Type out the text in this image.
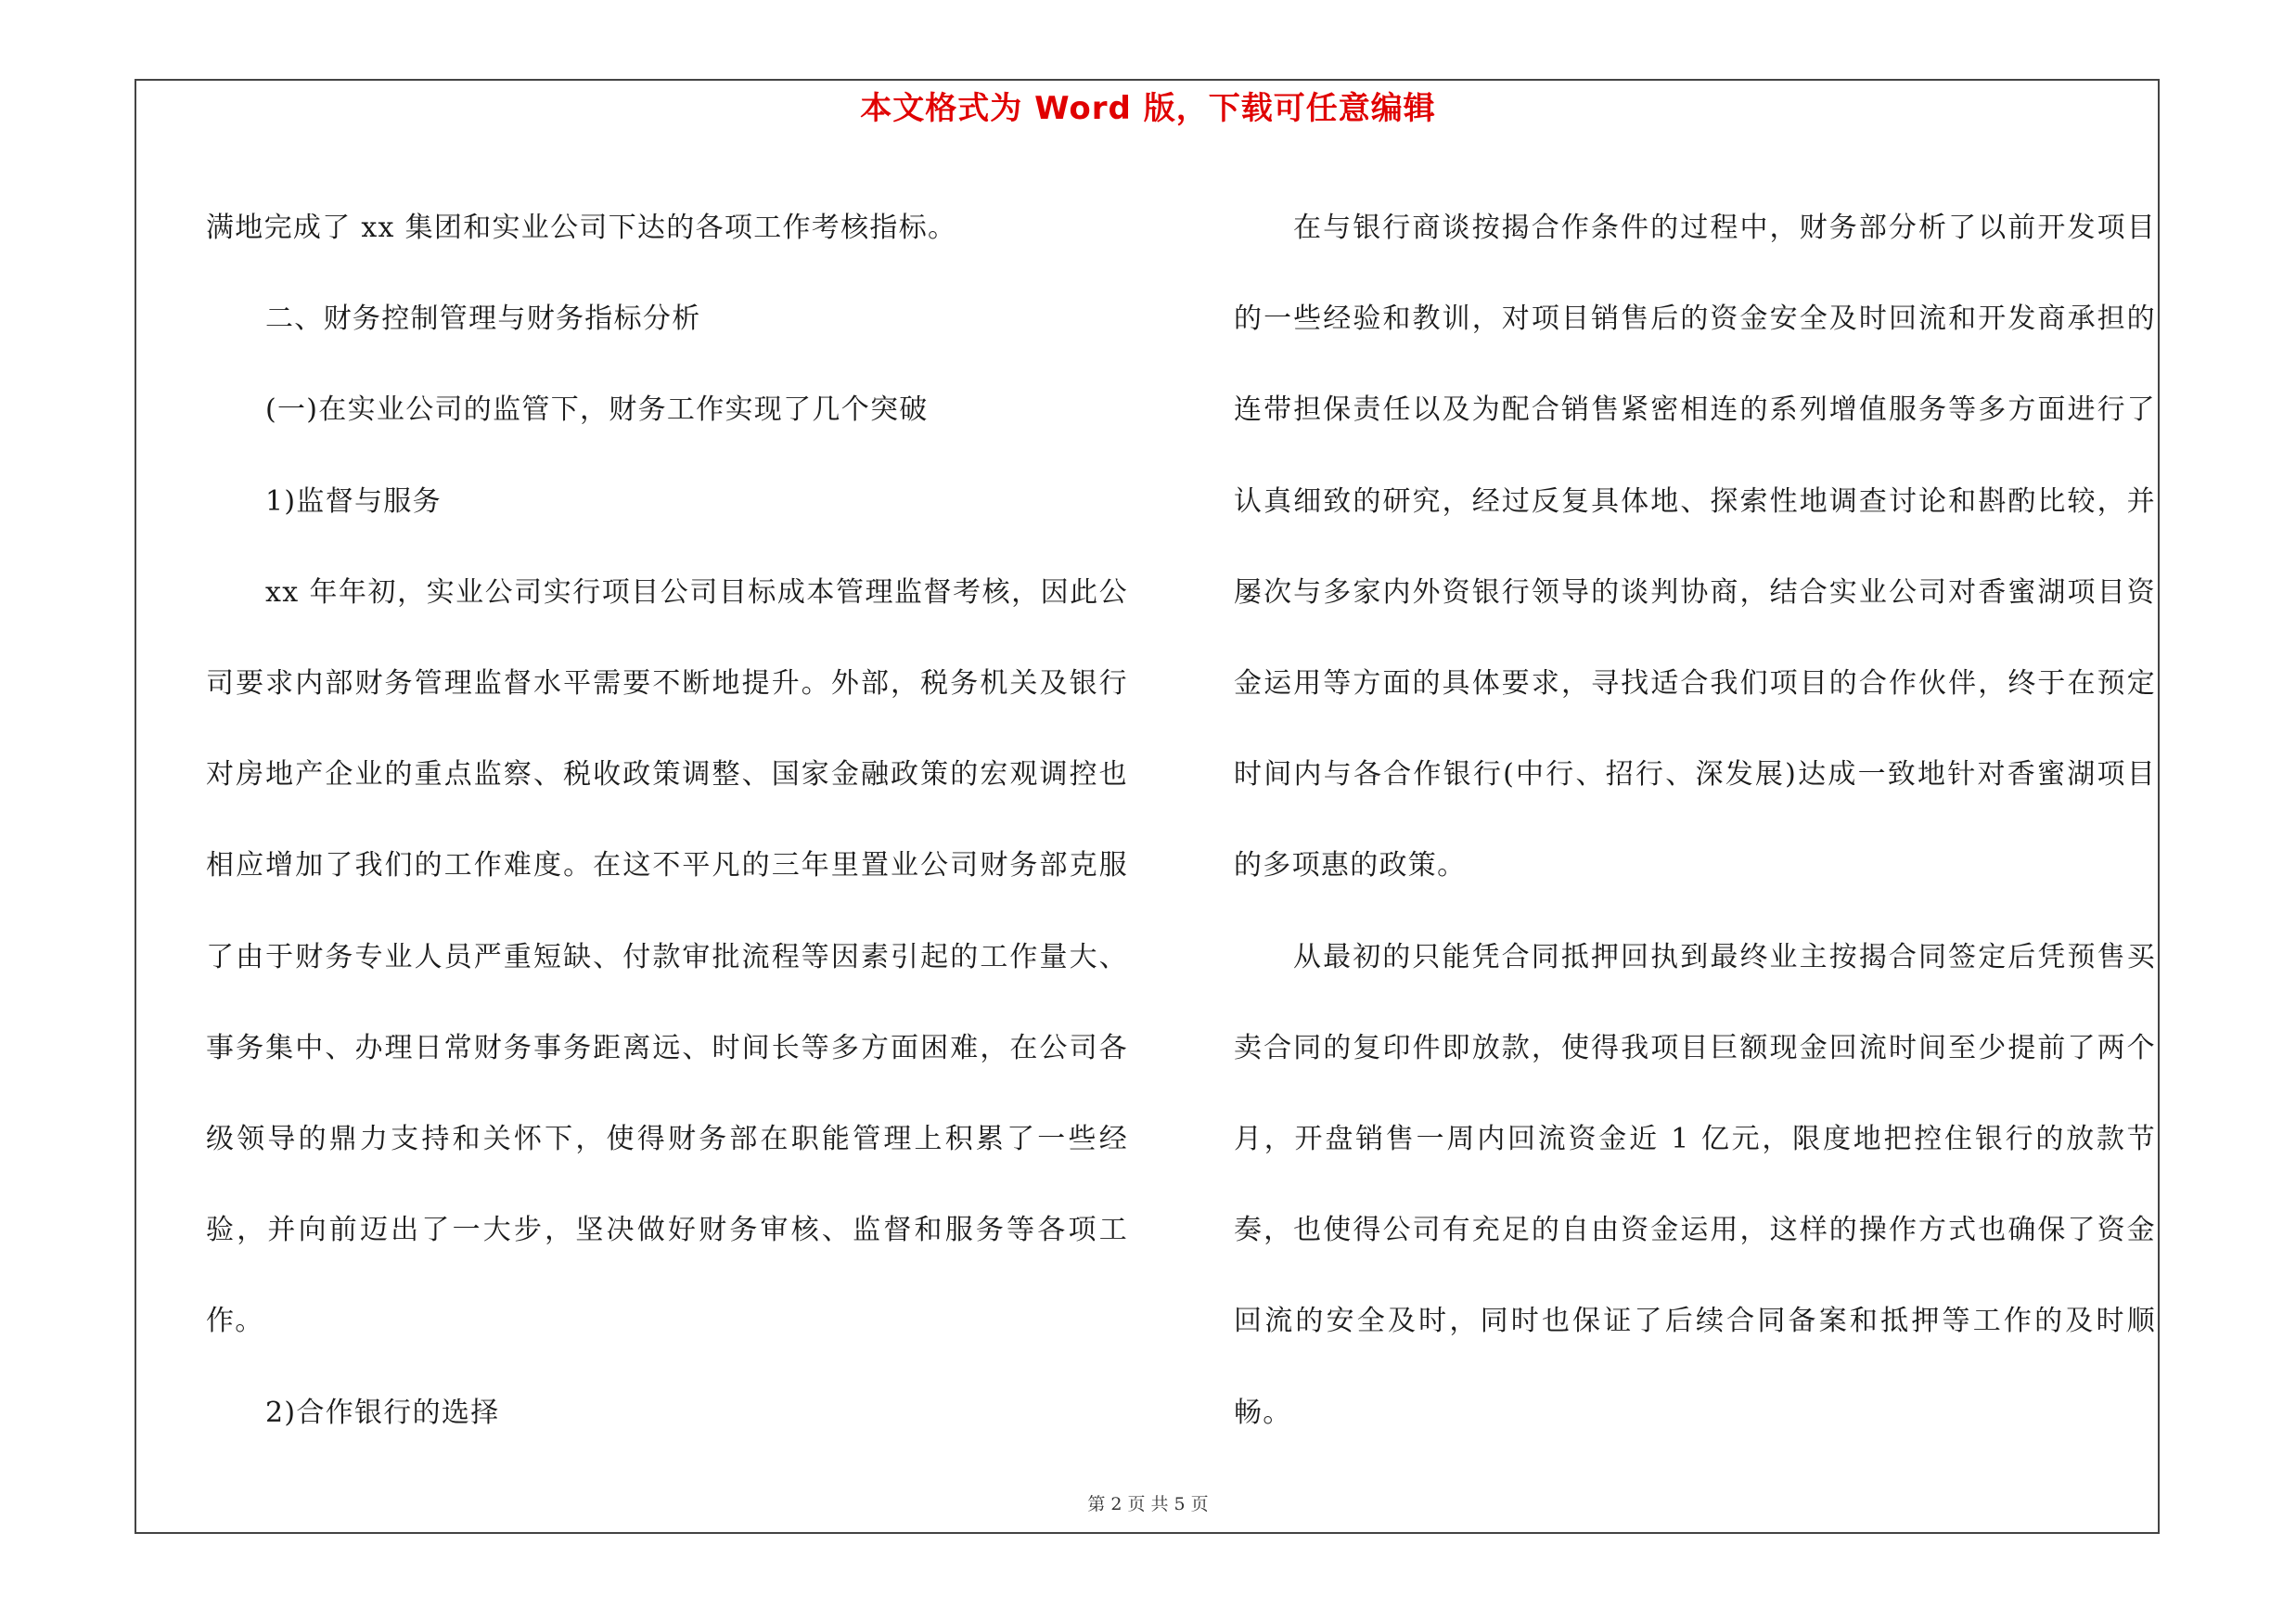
本文格式为 Word 版，下载可任意编辑

满地完成了 xx 集团和实业公司下达的各项工作考核指标。

二、财务控制管理与财务指标分析

(一)在实业公司的监管下，财务工作实现了几个突破

1)监督与服务

xx 年年初，实业公司实行项目公司目标成本管理监督考核，因此公司要求内部财务管理监督水平需要不断地提升。外部，税务机关及银行对房地产企业的重点监察、税收政策调整、国家金融政策的宏观调控也相应增加了我们的工作难度。在这不平凡的三年里置业公司财务部克服了由于财务专业人员严重短缺、付款审批流程等因素引起的工作量大、事务集中、办理日常财务事务距离远、时间长等多方面困难，在公司各级领导的鼎力支持和关怀下，使得财务部在职能管理上积累了一些经验，并向前迈出了一大步，坚决做好财务审核、监督和服务等各项工作。

2)合作银行的选择

在与银行商谈按揭合作条件的过程中，财务部分析了以前开发项目的一些经验和教训，对项目销售后的资金安全及时回流和开发商承担的连带担保责任以及为配合销售紧密相连的系列增值服务等多方面进行了认真细致的研究，经过反复具体地、探索性地调查讨论和斟酌比较，并屡次与多家内外资银行领导的谈判协商，结合实业公司对香蜜湖项目资金运用等方面的具体要求，寻找适合我们项目的合作伙伴，终于在预定时间内与各合作银行(中行、招行、深发展)达成一致地针对香蜜湖项目的多项惠的政策。

从最初的只能凭合同抵押回执到最终业主按揭合同签定后凭预售买卖合同的复印件即放款，使得我项目巨额现金回流时间至少提前了两个月，开盘销售一周内回流资金近 1 亿元，限度地把控住银行的放款节奏，也使得公司有充足的自由资金运用，这样的操作方式也确保了资金回流的安全及时，同时也保证了后续合同备案和抵押等工作的及时顺畅。

第 2 页 共 5 页
